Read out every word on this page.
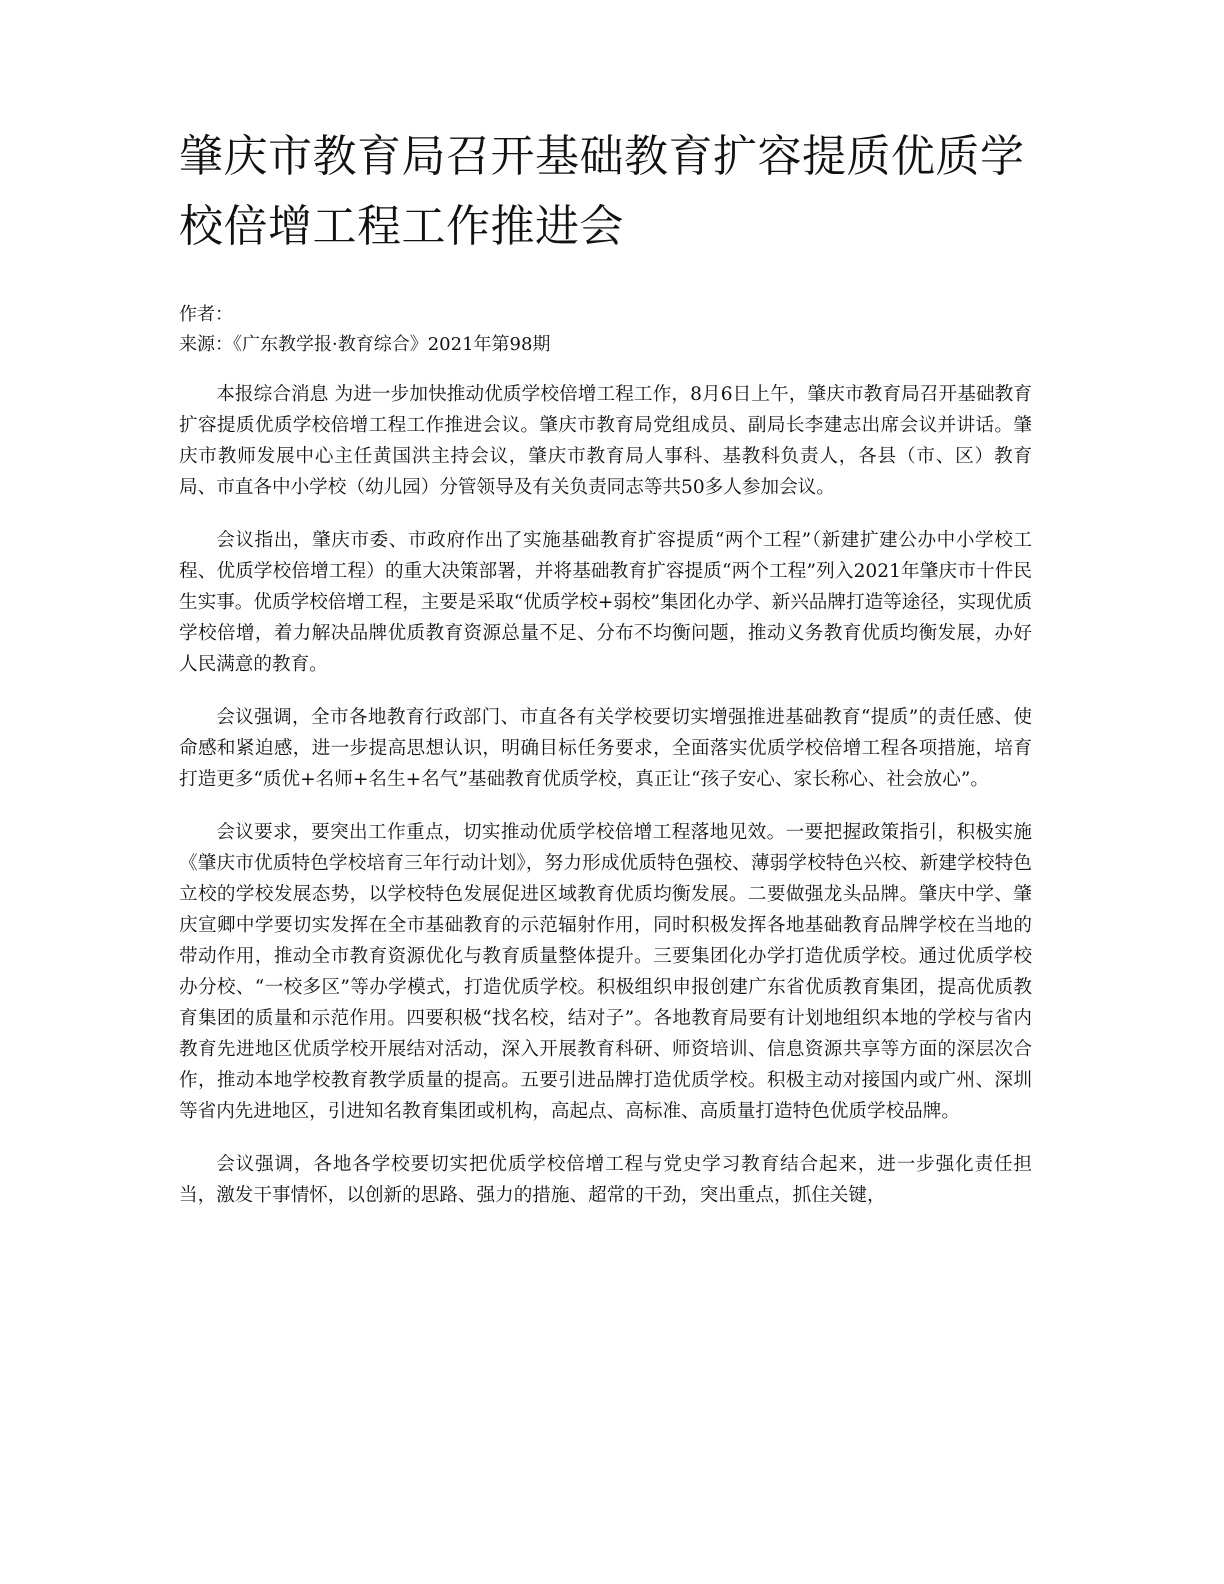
肇庆市教育局召开基础教育扩容提质优质学校倍增工程工作推进会
作者：
来源：《广东教学报·教育综合》2021年第98期

本报综合消息 为进一步加快推动优质学校倍增工程工作，8月6日上午，肇庆市教育局召开基础教育扩容提质优质学校倍增工程工作推进会议。肇庆市教育局党组成员、副局长李建志出席会议并讲话。肇庆市教师发展中心主任黄国洪主持会议，肇庆市教育局人事科、基教科负责人，各县（市、区）教育局、市直各中小学校（幼儿园）分管领导及有关负责同志等共50多人参加会议。

会议指出，肇庆市委、市政府作出了实施基础教育扩容提质“两个工程”（新建扩建公办中小学校工程、优质学校倍增工程）的重大决策部署，并将基础教育扩容提质“两个工程”列入2021年肇庆市十件民生实事。优质学校倍增工程，主要是采取“优质学校+弱校”集团化办学、新兴品牌打造等途径，实现优质学校倍增，着力解决品牌优质教育资源总量不足、分布不均衡问题，推动义务教育优质均衡发展，办好人民满意的教育。

会议强调，全市各地教育行政部门、市直各有关学校要切实增强推进基础教育“提质”的责任感、使命感和紧迫感，进一步提高思想认识，明确目标任务要求，全面落实优质学校倍增工程各项措施，培育打造更多“质优+名师+名生+名气”基础教育优质学校，真正让“孩子安心、家长称心、社会放心”。

会议要求，要突出工作重点，切实推动优质学校倍增工程落地见效。一要把握政策指引，积极实施《肇庆市优质特色学校培育三年行动计划》，努力形成优质特色强校、薄弱学校特色兴校、新建学校特色立校的学校发展态势，以学校特色发展促进区域教育优质均衡发展。二要做强龙头品牌。肇庆中学、肇庆宣卿中学要切实发挥在全市基础教育的示范辐射作用，同时积极发挥各地基础教育品牌学校在当地的带动作用，推动全市教育资源优化与教育质量整体提升。三要集团化办学打造优质学校。通过优质学校办分校、“一校多区”等办学模式，打造优质学校。积极组织申报创建广东省优质教育集团，提高优质教育集团的质量和示范作用。四要积极“找名校，结对子”。各地教育局要有计划地组织本地的学校与省内教育先进地区优质学校开展结对活动，深入开展教育科研、师资培训、信息资源共享等方面的深层次合作，推动本地学校教育教学质量的提高。五要引进品牌打造优质学校。积极主动对接国内或广州、深圳等省内先进地区，引进知名教育集团或机构，高起点、高标准、高质量打造特色优质学校品牌。

会议强调，各地各学校要切实把优质学校倍增工程与党史学习教育结合起来，进一步强化责任担当，激发干事情怀，以创新的思路、强力的措施、超常的干劲，突出重点，抓住关键，
